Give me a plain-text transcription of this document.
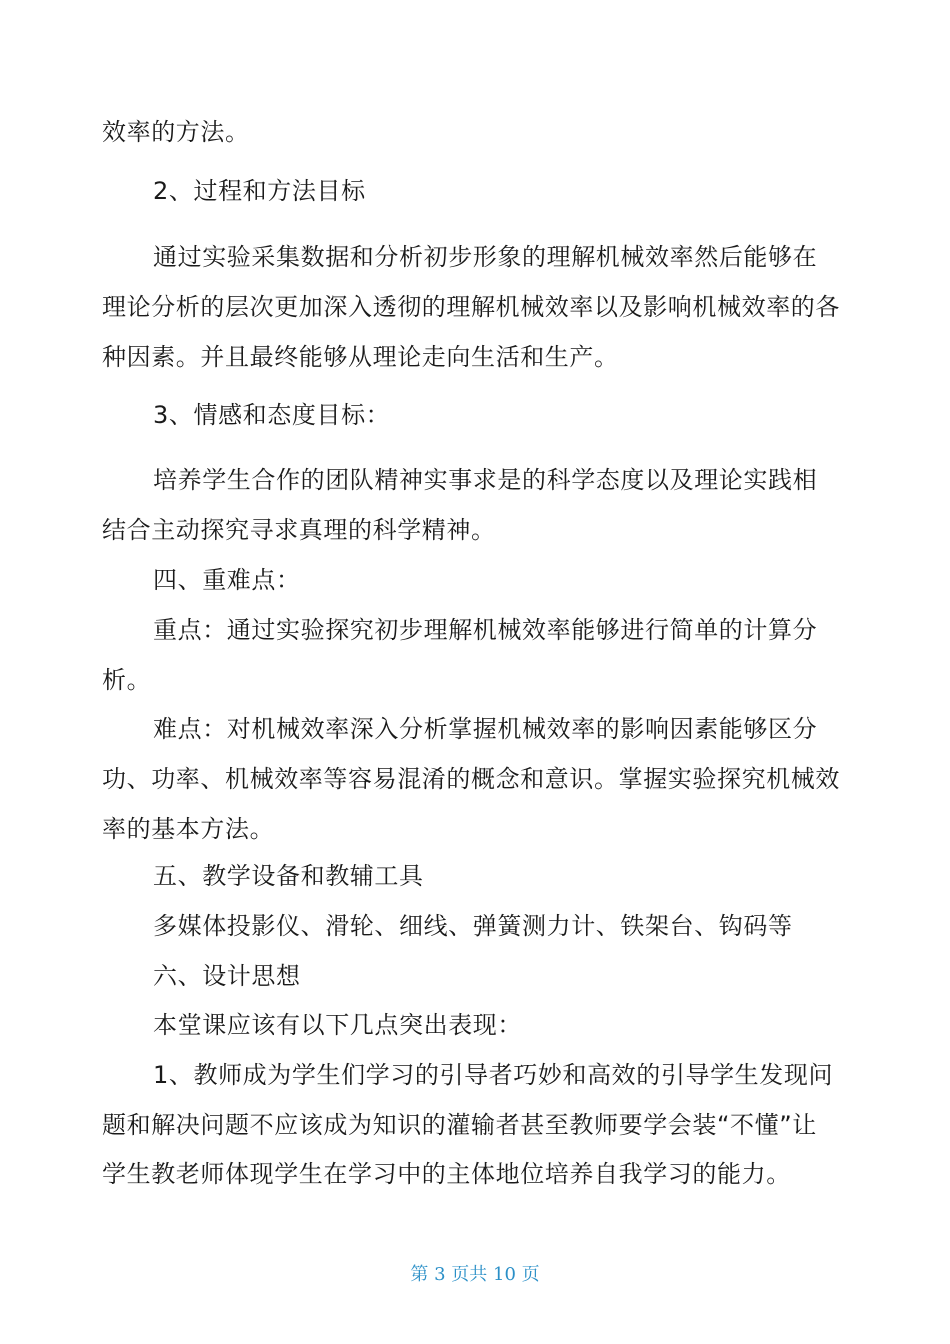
效率的方法。
2、过程和方法目标
通过实验采集数据和分析初步形象的理解机械效率然后能够在
理论分析的层次更加深入透彻的理解机械效率以及影响机械效率的各
种因素。并且最终能够从理论走向生活和生产。
3、情感和态度目标：
培养学生合作的团队精神实事求是的科学态度以及理论实践相
结合主动探究寻求真理的科学精神。
四、重难点：
重点：通过实验探究初步理解机械效率能够进行简单的计算分
析。
难点：对机械效率深入分析掌握机械效率的影响因素能够区分
功、功率、机械效率等容易混淆的概念和意识。掌握实验探究机械效
率的基本方法。
五、教学设备和教辅工具
多媒体投影仪、滑轮、细线、弹簧测力计、铁架台、钩码等
六、设计思想
本堂课应该有以下几点突出表现：
1、教师成为学生们学习的引导者巧妙和高效的引导学生发现问
题和解决问题不应该成为知识的灌输者甚至教师要学会装“不懂”让
学生教老师体现学生在学习中的主体地位培养自我学习的能力。
第 3 页共 10 页
